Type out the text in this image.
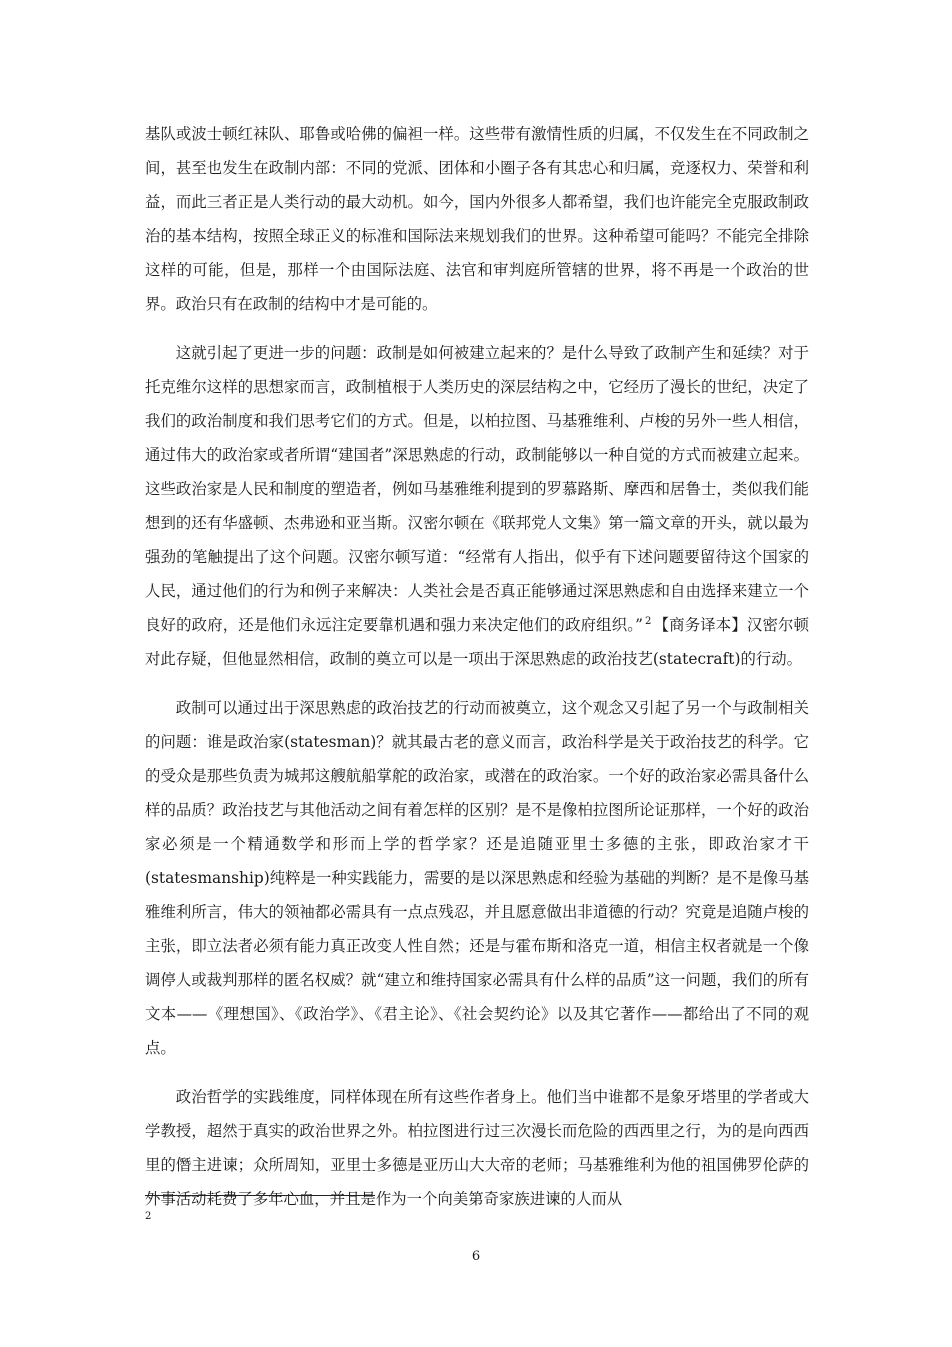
基队或波士顿红袜队、耶鲁或哈佛的偏袒一样。这些带有激情性质的归属，不仅发生在不同政制之间，甚至也发生在政制内部：不同的党派、团体和小圈子各有其忠心和归属，竞逐权力、荣誉和利益，而此三者正是人类行动的最大动机。如今，国内外很多人都希望，我们也许能完全克服政制政治的基本结构，按照全球正义的标准和国际法来规划我们的世界。这种希望可能吗？不能完全排除这样的可能，但是，那样一个由国际法庭、法官和审判庭所管辖的世界，将不再是一个政治的世界。政治只有在政制的结构中才是可能的。

这就引起了更进一步的问题：政制是如何被建立起来的？是什么导致了政制产生和延续？对于托克维尔这样的思想家而言，政制植根于人类历史的深层结构之中，它经历了漫长的世纪，决定了我们的政治制度和我们思考它们的方式。但是，以柏拉图、马基雅维利、卢梭的另外一些人相信，通过伟大的政治家或者所谓“建国者”深思熟虑的行动，政制能够以一种自觉的方式而被建立起来。这些政治家是人民和制度的塑造者，例如马基雅维利提到的罗慕路斯、摩西和居鲁士，类似我们能想到的还有华盛顿、杰弗逊和亚当斯。汉密尔顿在《联邦党人文集》第一篇文章的开头，就以最为强劲的笔触提出了这个问题。汉密尔顿写道：“经常有人指出，似乎有下述问题要留待这个国家的人民，通过他们的行为和例子来解决：人类社会是否真正能够通过深思熟虑和自由选择来建立一个良好的政府，还是他们永远注定要靠机遇和强力来决定他们的政府组织。” $^2$ 【商务译本】汉密尔顿对此存疑，但他显然相信，政制的奠立可以是一项出于深思熟虑的政治技艺(statecraft)的行动。

政制可以通过出于深思熟虑的政治技艺的行动而被奠立，这个观念又引起了另一个与政制相关的问题：谁是政治家(statesman)？就其最古老的意义而言，政治科学是关于政治技艺的科学。它的受众是那些负责为城邦这艘航船掌舵的政治家，或潜在的政治家。一个好的政治家必需具备什么样的品质？政治技艺与其他活动之间有着怎样的区别？是不是像柏拉图所论证那样，一个好的政治家必须是一个精通数学和形而上学的哲学家？还是追随亚里士多德的主张，即政治家才干(statesmanship)纯粹是一种实践能力，需要的是以深思熟虑和经验为基础的判断？是不是像马基雅维利所言，伟大的领袖都必需具有一点点残忍，并且愿意做出非道德的行动？究竟是追随卢梭的主张，即立法者必须有能力真正改变人性自然；还是与霍布斯和洛克一道，相信主权者就是一个像调停人或裁判那样的匿名权威？就“建立和维持国家必需具有什么样的品质”这一问题，我们的所有文本——《理想国》、《政治学》、《君主论》、《社会契约论》以及其它著作——都给出了不同的观点。

政治哲学的实践维度，同样体现在所有这些作者身上。他们当中谁都不是象牙塔里的学者或大学教授，超然于真实的政治世界之外。柏拉图进行过三次漫长而危险的西西里之行，为的是向西西里的僭主进谏；众所周知，亚里士多德是亚历山大大帝的老师；马基雅维利为他的祖国佛罗伦萨的外事活动耗费了多年心血，并且是作为一个向美第奇家族进谏的人而从

2
6
